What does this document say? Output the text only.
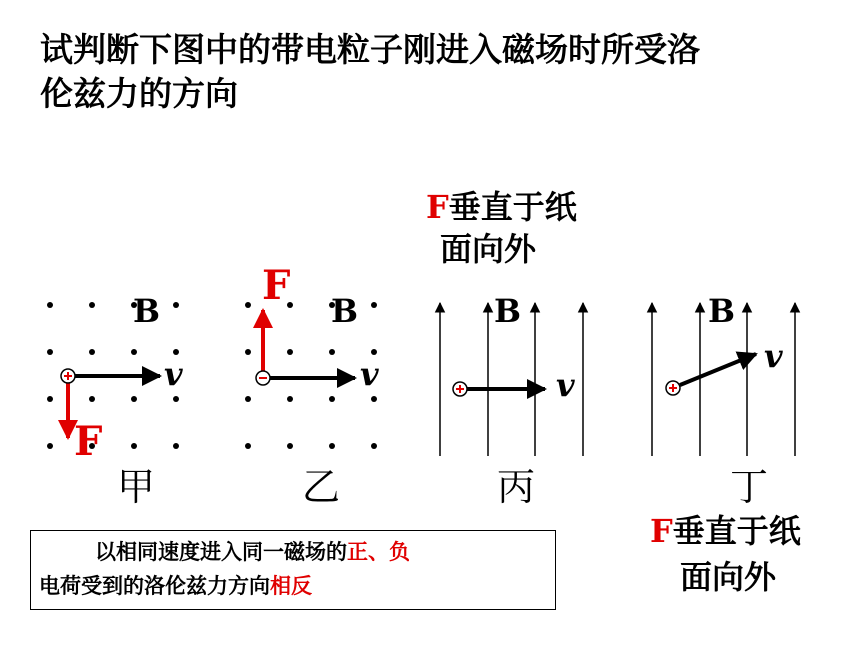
试判断下图中的带电粒子刚进入磁场时所受洛
伦兹力的方向
B
v
F
F
B
v
B
v
B
v
甲	乙	丙	丁
F垂直于纸
面向外
F垂直于纸
面向外
以相同速度进入同一磁场的正、负
电荷受到的洛伦兹力方向相反
